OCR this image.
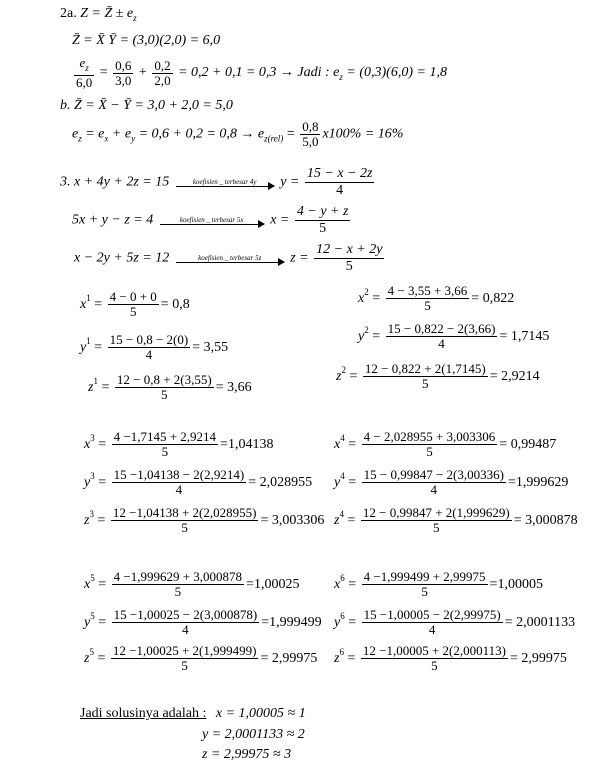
2a. Z = Z̄ ± $e_z$
Z̄ = X̄ Ȳ = (3,0)(2,0) = 6,0
$\frac{e_z}{6,0} = \frac{0,6}{3,0} + \frac{0,2}{2,0} = 0,2 + 0,1 = 0,3$ → Jadi : $e_z = (0,3)(6,0) = 1,8$
b. Z̄ = X̄ − Ȳ = 3,0 + 2,0 = 5,0
$e_z = e_x + e_y = 0,6 + 0,2 = 0,8 \to e_{z(rel)} = \frac{0,8}{5,0} x100\% = 16\%$
3. x + 4y + 2z = 15	koefisien _ terbesar 4y	$y = \frac{15 - x - 2z}{4}$
5x + y − z = 4	koefisien _ terbesar 5x	$x = \frac{4 - y + z}{5}$
x − 2y + 5z = 12	koefisien _ terbesar 5z	$z = \frac{12 - x + 2y}{5}$
$x^1 = \frac{4 - 0 + 0}{5} = 0,8$
$y^1 = \frac{15 - 0,8 - 2(0)}{4} = 3,55$
$z^1 = \frac{12 - 0,8 + 2(3,55)}{5} = 3,66$
$x^2 = \frac{4 - 3,55 + 3,66}{5} = 0,822$
$y^2 = \frac{15 - 0,822 - 2(3,66)}{4} = 1,7145$
$z^2 = \frac{12 - 0,822 + 2(1,7145)}{5} = 2,9214$
$x^3 = \frac{4 -1,7145 + 2,9214}{5} =1,04138$
$y^3 = \frac{15 -1,04138 - 2(2,9214)}{4} = 2,028955$
$z^3 = \frac{12 -1,04138 + 2(2,028955)}{5} = 3,003306$
$x^4 = \frac{4 - 2,028955 + 3,003306}{5} = 0,99487$
$y^4 = \frac{15 - 0,99847 - 2(3,00336)}{4} =1,999629$
$z^4 = \frac{12 - 0,99847 + 2(1,999629)}{5} = 3,000878$
$x^5 = \frac{4 -1,999629 + 3,000878}{5} =1,00025$
$y^5 = \frac{15 -1,00025 - 2(3,000878)}{4} =1,999499$
$z^5 = \frac{12 -1,00025 + 2(1,999499)}{5} = 2,99975$
$x^6 = \frac{4 -1,999499 + 2,99975}{5} =1,00005$
$y^6 = \frac{15 -1,00005 - 2(2,99975)}{4} = 2,0001133$
$z^6 = \frac{12 -1,00005 + 2(2,000113)}{5} = 2,99975$
Jadi solusinya adalah : x = 1,00005 ≈ 1
y = 2,0001133 ≈ 2
z = 2,99975 ≈ 3
